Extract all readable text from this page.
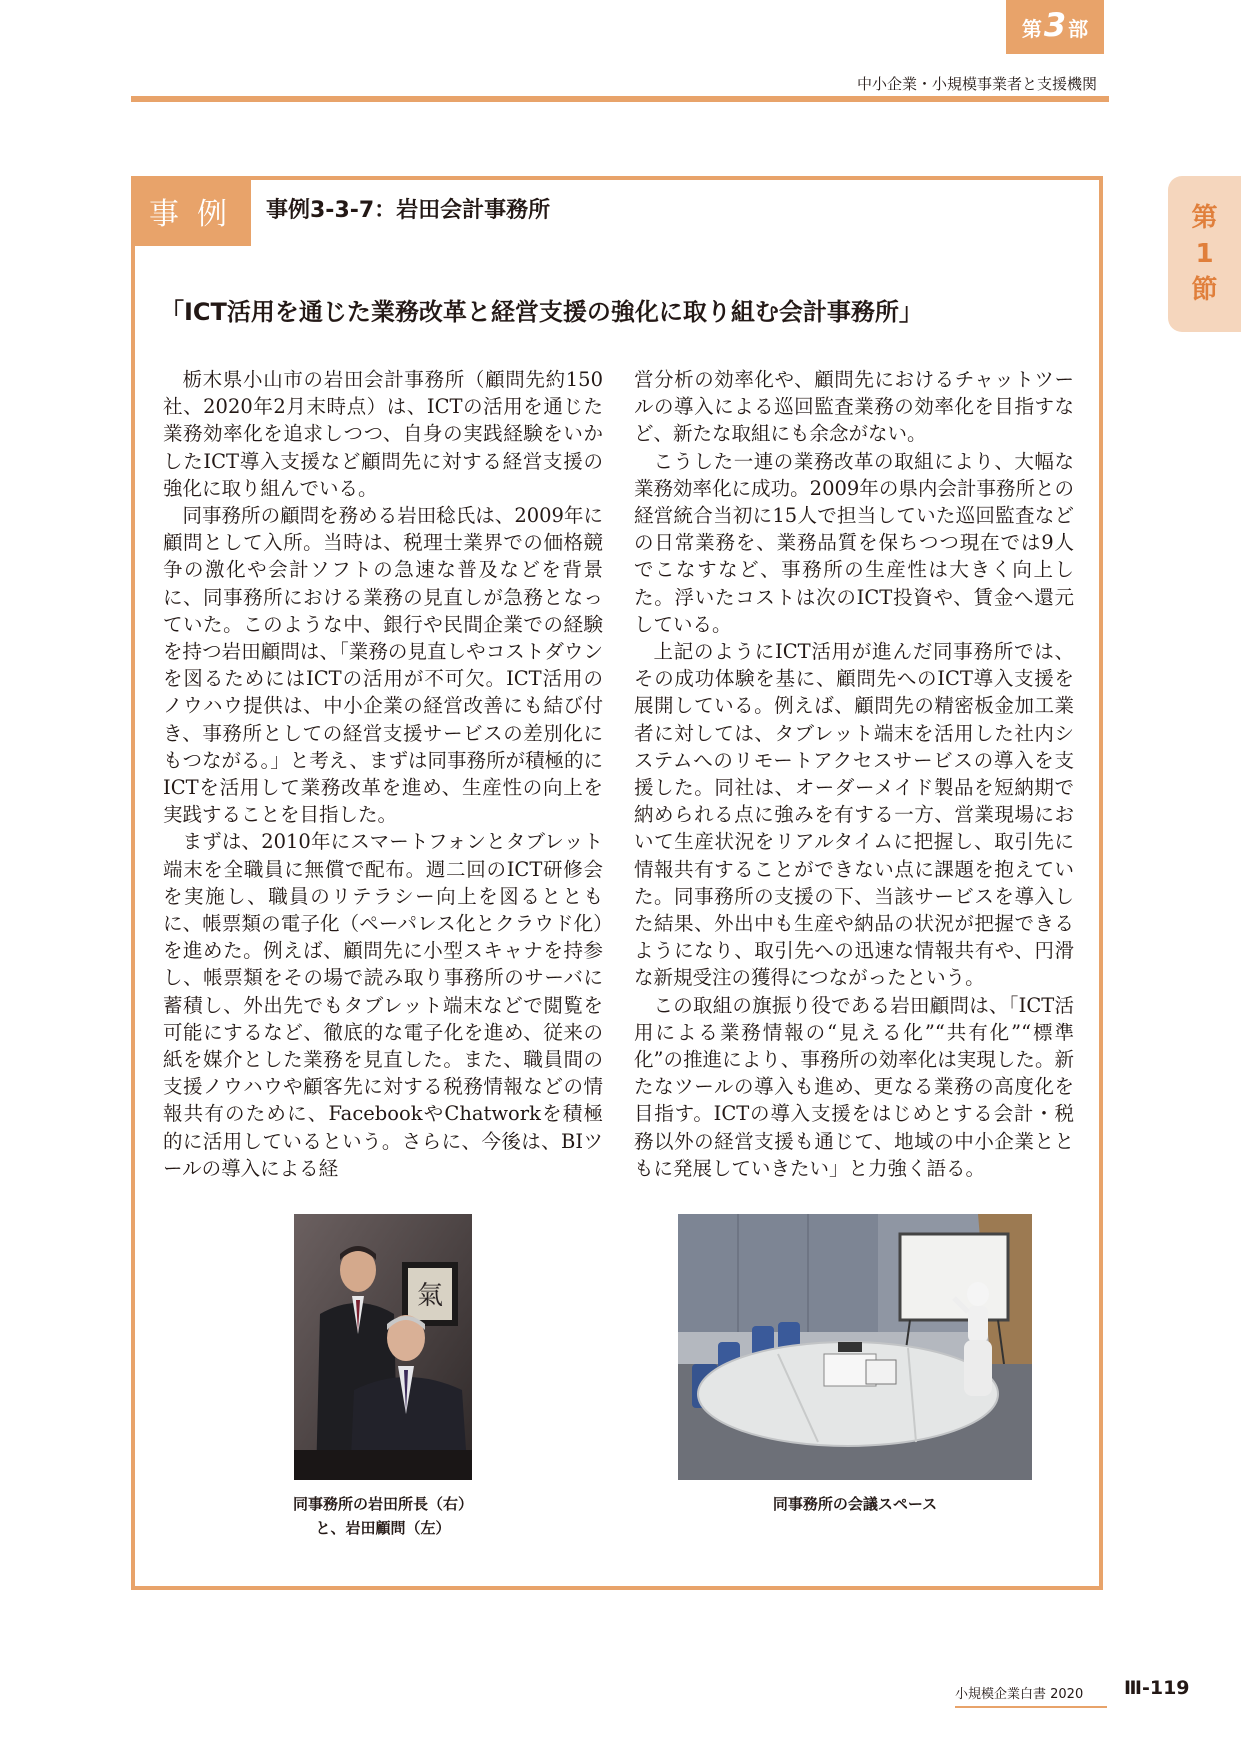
第 3 部
中小企業・小規模事業者と支援機関
第
1
節
事例 事例3-3-7：岩田会計事務所
「ICT活用を通じた業務改革と経営支援の強化に取り組む会計事務所」

栃木県小山市の岩田会計事務所（顧問先約150社、2020年2月末時点）は、ICTの活用を通じた業務効率化を追求しつつ、自身の実践経験をいかしたICT導入支援など顧問先に対する経営支援の強化に取り組んでいる。

同事務所の顧問を務める岩田稔氏は、2009年に顧問として入所。当時は、税理士業界での価格競争の激化や会計ソフトの急速な普及などを背景に、同事務所における業務の見直しが急務となっていた。このような中、銀行や民間企業での経験を持つ岩田顧問は、「業務の見直しやコストダウンを図るためにはICTの活用が不可欠。ICT活用のノウハウ提供は、中小企業の経営改善にも結び付き、事務所としての経営支援サービスの差別化にもつながる。」と考え、まずは同事務所が積極的にICTを活用して業務改革を進め、生産性の向上を実践することを目指した。

まずは、2010年にスマートフォンとタブレット端末を全職員に無償で配布。週二回のICT研修会を実施し、職員のリテラシー向上を図るとともに、帳票類の電子化（ペーパレス化とクラウド化）を進めた。例えば、顧問先に小型スキャナを持参し、帳票類をその場で読み取り事務所のサーバに蓄積し、外出先でもタブレット端末などで閲覧を可能にするなど、徹底的な電子化を進め、従来の紙を媒介とした業務を見直した。また、職員間の支援ノウハウや顧客先に対する税務情報などの情報共有のために、FacebookやChatworkを積極的に活用しているという。さらに、今後は、BIツールの導入による経

営分析の効率化や、顧問先におけるチャットツールの導入による巡回監査業務の効率化を目指すなど、新たな取組にも余念がない。

こうした一連の業務改革の取組により、大幅な業務効率化に成功。2009年の県内会計事務所との経営統合当初に15人で担当していた巡回監査などの日常業務を、業務品質を保ちつつ現在では9人でこなすなど、事務所の生産性は大きく向上した。浮いたコストは次のICT投資や、賃金へ還元している。

上記のようにICT活用が進んだ同事務所では、その成功体験を基に、顧問先へのICT導入支援を展開している。例えば、顧問先の精密板金加工業者に対しては、タブレット端末を活用した社内システムへのリモートアクセスサービスの導入を支援した。同社は、オーダーメイド製品を短納期で納められる点に強みを有する一方、営業現場において生産状況をリアルタイムに把握し、取引先に情報共有することができない点に課題を抱えていた。同事務所の支援の下、当該サービスを導入した結果、外出中も生産や納品の状況が把握できるようになり、取引先への迅速な情報共有や、円滑な新規受注の獲得につながったという。

この取組の旗振り役である岩田顧問は、「ICT活用による業務情報の“見える化”“共有化”“標準化”の推進により、事務所の効率化は実現した。新たなツールの導入も進め、更なる業務の高度化を目指す。ICTの導入支援をはじめとする会計・税務以外の経営支援も通じて、地域の中小企業とともに発展していきたい」と力強く語る。

氣
同事務所の岩田所長（右）
と、岩田顧問（左）
同事務所の会議スペース
小規模企業白書 2020 Ⅲ-119
